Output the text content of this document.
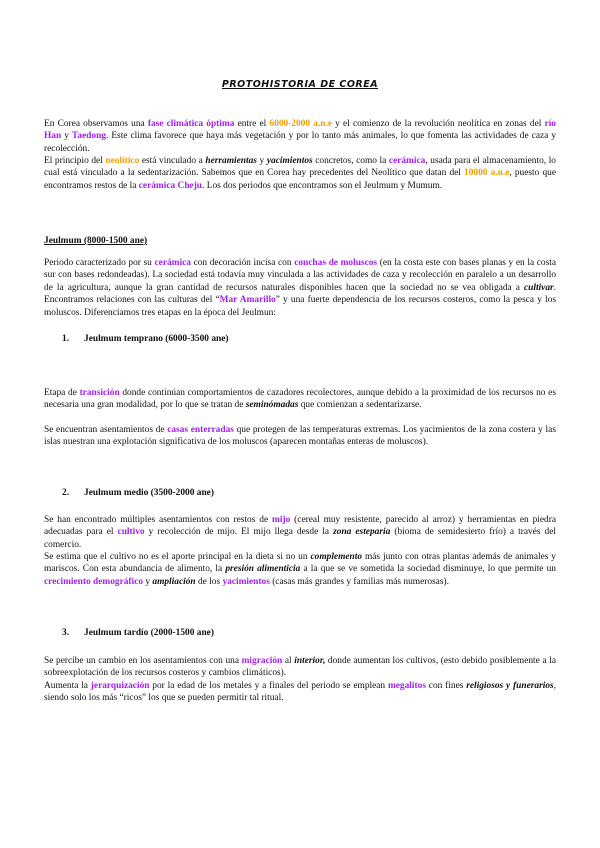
PROTOHISTORIA DE COREA
En Corea observamos una fase climática óptima entre el 6000-2000 a.n.e y el comienzo de la revolución neolítica en zonas del río Han y Taedong. Este clima favorece que haya más vegetación y por lo tanto más animales, lo que fomenta las actividades de caza y recolección.
El principio del neolítico está vinculado a herramientas y yacimientos concretos, como la cerámica, usada para el almacenamiento, lo cual está vinculado a la sedentarización. Sabemos que en Corea hay precedentes del Neolítico que datan del 10000 a.n.e, puesto que encontramos restos de la cerámica Cheju. Los dos periodos que encontramos son el Jeulmum y Mumum.
Jeulmum (8000-1500 ane)
Periodo caracterizado por su cerámica con decoración incisa con conchas de moluscos (en la costa este con bases planas y en la costa sur con bases redondeadas). La sociedad está todavía muy vinculada a las actividades de caza y recolección en paralelo a un desarrollo de la agricultura, aunque la gran cantidad de recursos naturales disponibles hacen que la sociedad no se vea obligada a cultivar. Encontramos relaciones con las culturas del “Mar Amarillo” y una fuerte dependencia de los recursos costeros, como la pesca y los moluscos. Diferenciamos tres etapas en la época del Jeulmun:
1. Jeulmum temprano (6000-3500 ane)
Etapa de transición donde continúan comportamientos de cazadores recolectores, aunque debido a la proximidad de los recursos no es necesaria una gran modalidad, por lo que se tratan de seminómadas que comienzan a sedentarizarse.
Se encuentran asentamientos de casas enterradas que protegen de las temperaturas extremas. Los yacimientos de la zona costera y las islas nuestran una explotación significativa de los moluscos (aparecen montañas enteras de moluscos).
2. Jeulmum medio (3500-2000 ane)
Se han encontrado múltiples asentamientos con restos de mijo (cereal muy resistente, parecido al arroz) y herramientas en piedra adecuadas para el cultivo y recolección de mijo. El mijo llega desde la zona esteparia (bioma de semidesierto frío) a través del comercio.
Se estima que el cultivo no es el aporte principal en la dieta si no un complemento más junto con otras plantas además de animales y mariscos. Con esta abundancia de alimento, la presión alimenticia a la que se ve sometida la sociedad disminuye, lo que permite un crecimiento demográfico y ampliación de los yacimientos (casas más grandes y familias más numerosas).
3. Jeulmum tardío (2000-1500 ane)
Se percibe un cambio en los asentamientos con una migración al interior, donde aumentan los cultivos, (esto debido posiblemente a la sobreexplotación de los recursos costeros y cambios climáticos).
Aumenta la jerarquización por la edad de los metales y a finales del periodo se emplean megalitos con fines religiosos y funerarios, siendo solo los más “ricos” los que se pueden permitir tal ritual.
